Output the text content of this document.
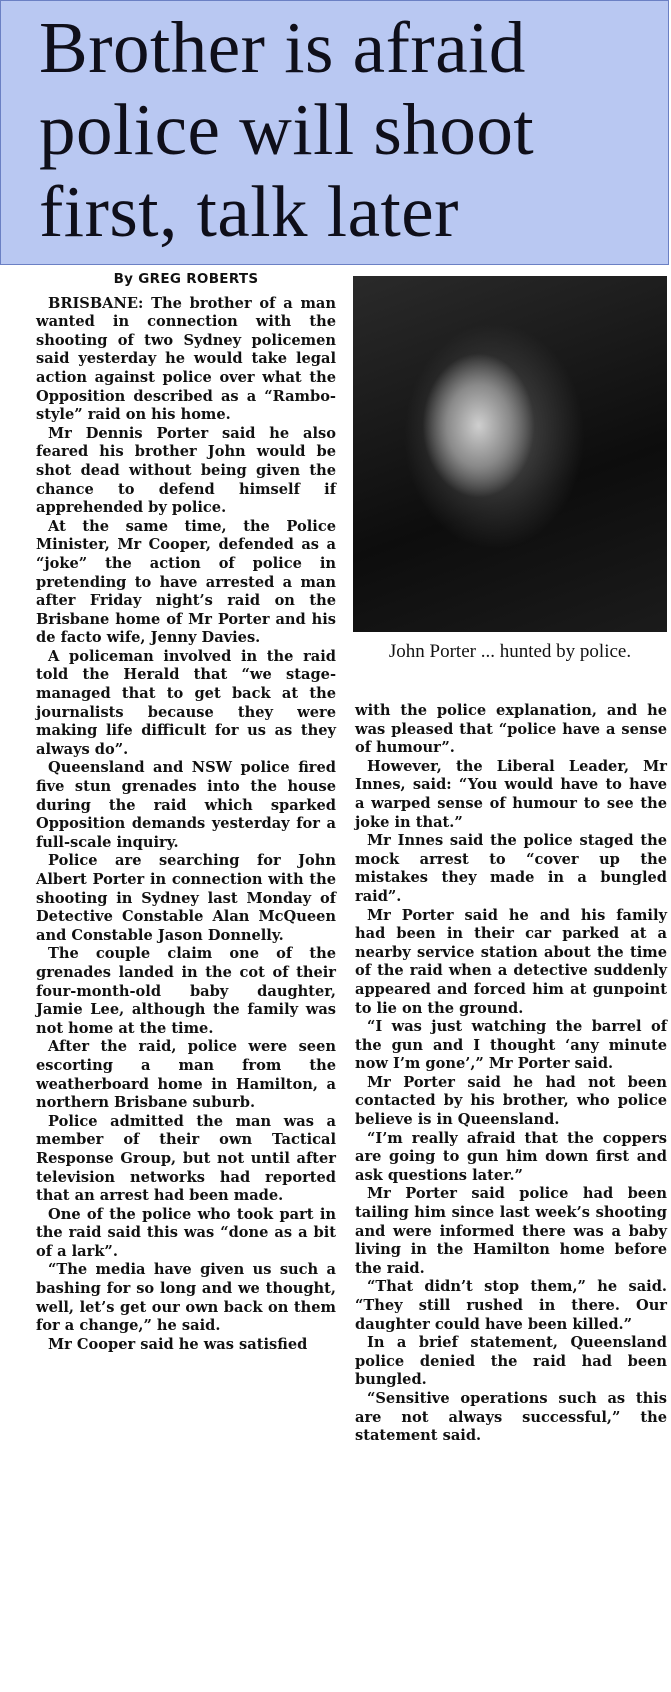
Brother is afraid
police will shoot
first, talk later
By GREG ROBERTS

BRISBANE: The brother of a man wanted in connection with the shooting of two Sydney policemen said yesterday he would take legal action against police over what the Opposition described as a “Rambo-style” raid on his home.

Mr Dennis Porter said he also feared his brother John would be shot dead without being given the chance to defend himself if apprehended by police.

At the same time, the Police Minister, Mr Cooper, defended as a “joke” the action of police in pretending to have arrested a man after Friday night’s raid on the Brisbane home of Mr Porter and his de facto wife, Jenny Davies.

A policeman involved in the raid told the Herald that “we stage-managed that to get back at the journalists because they were making life difficult for us as they always do”.

Queensland and NSW police fired five stun grenades into the house during the raid which sparked Opposition demands yesterday for a full-scale inquiry.

Police are searching for John Albert Porter in connection with the shooting in Sydney last Monday of Detective Constable Alan McQueen and Constable Jason Donnelly.

The couple claim one of the grenades landed in the cot of their four-month-old baby daughter, Jamie Lee, although the family was not home at the time.

After the raid, police were seen escorting a man from the weatherboard home in Hamilton, a northern Brisbane suburb.

Police admitted the man was a member of their own Tactical Response Group, but not until after television networks had reported that an arrest had been made.

One of the police who took part in the raid said this was “done as a bit of a lark”.

“The media have given us such a bashing for so long and we thought, well, let’s get our own back on them for a change,” he said.

Mr Cooper said he was satisfied

John Porter ... hunted by police.

with the police explanation, and he was pleased that “police have a sense of humour”.

However, the Liberal Leader, Mr Innes, said: “You would have to have a warped sense of humour to see the joke in that.”

Mr Innes said the police staged the mock arrest to “cover up the mistakes they made in a bungled raid”.

Mr Porter said he and his family had been in their car parked at a nearby service station about the time of the raid when a detective suddenly appeared and forced him at gunpoint to lie on the ground.

“I was just watching the barrel of the gun and I thought ‘any minute now I’m gone’,” Mr Porter said.

Mr Porter said he had not been contacted by his brother, who police believe is in Queensland.

“I’m really afraid that the coppers are going to gun him down first and ask questions later.”

Mr Porter said police had been tailing him since last week’s shooting and were informed there was a baby living in the Hamilton home before the raid.

“That didn’t stop them,” he said. “They still rushed in there. Our daughter could have been killed.”

In a brief statement, Queensland police denied the raid had been bungled.

“Sensitive operations such as this are not always successful,” the statement said.
